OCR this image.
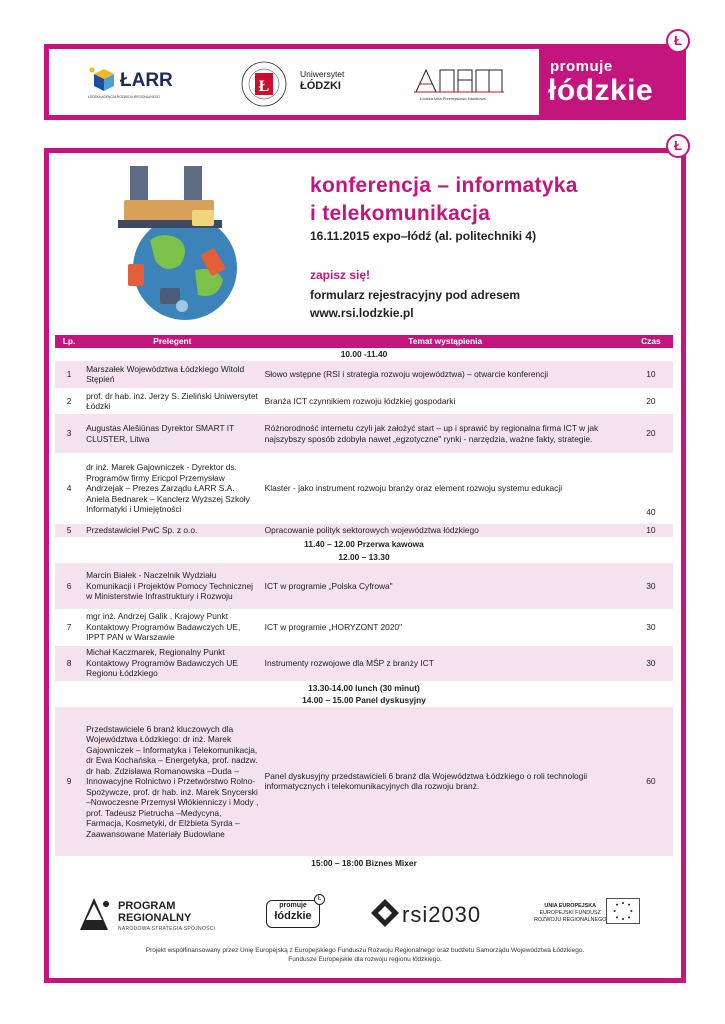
ŁARR
ŁÓDZKA AGENCJA ROZWOJU REGIONALNEGO
Ł
Uniwersytet
ŁÓDZKI
Łódzka Izba Przemysłowo-Handlowa
promuje
łódzkie
Ł
Ł
konferencja – informatyka
i telekomunikacja
16.11.2015 expo–łódź (al. politechniki 4)
zapisz się!
formularz rejestracyjny pod adresem
www.rsi.lodzkie.pl
Lp.	Prelegent	Temat wystąpienia	Czas
10.00 -11.40			
1	Marszałek Województwa Łódzkiego Witold Stępień	Słowo wstępne (RSI i strategia rozwoju województwa) – otwarcie konferencji	10
2	prof. dr hab. inż. Jerzy S. Zieliński Uniwersytet Łódzki	Branża ICT czynnikiem rozwoju łódzkiej gospodarki	20
3	Augustas Alešiūnas Dyrektor SMART IT CLUSTER, Litwa	Różnorodność internetu czyli jak założyć start – up i sprawić by regionalna firma ICT w jak najszybszy sposób zdobyła nawet „egzotyczne" rynki - narzędzia, ważne fakty, strategie.	20
4	dr inż. Marek Gajowniczek - Dyrektor ds. Programów firmy Ericpol Przemysław Andrzejak – Prezes Zarządu ŁARR S.A. Aniela Bednarek – Kanclerz Wyższej Szkoły Informatyki i Umiejętności	Klaster - jako instrument rozwoju branży oraz element rozwoju systemu edukacji	40
5	Przedstawiciel PwC Sp. z o.o.	Opracowanie polityk sektorowych województwa łódzkiego	10
11.40 – 12.00 Przerwa kawowa			
12.00 – 13.30			
6	Marcin Białek - Naczelnik Wydziału Komunikacji i Projektów Pomocy Technicznej w Ministerstwie Infrastruktury i Rozwoju	ICT w programie „Polska Cyfrowa"	30
7	mgr inż. Andrzej Galik , Krajowy Punkt Kontaktowy Programów Badawczych UE, IPPT PAN w Warszawie	ICT w programie „HORYZONT 2020"	30
8	Michał Kaczmarek, Regionalny Punkt Kontaktowy Programów Badawczych UE Regionu Łódzkiego	Instrumenty rozwojowe dla MŚP z branży ICT	30
13.30-14.00 lunch (30 minut)			
14.00 – 15.00 Panel dyskusyjny			
9	Przedstawiciele 6 branż kluczowych dla Województwa Łódzkiego: dr inż. Marek Gajowniczek – Informatyka i Telekomunikacja, dr Ewa Kochańska – Energetyka, prof. nadzw. dr hab. Zdzisława Romanowska –Duda – Innowacyjne Rolnictwo i Przetwórstwo Rolno-Spożywcze, prof. dr hab. inż. Marek Snycerski –Nowoczesne Przemysł Włókienniczy i Mody , prof. Tadeusz Pietrucha –Medycyna, Farmacja, Kosmetyki, dr Elżbieta Syrda – Zaawansowane Materiały Budowlane	Panel dyskusyjny przedstawicieli 6 branż dla Województwa Łódzkiego o roli technologii informatycznych i telekomunikacyjnych dla rozwoju branż.	60
15:00 – 18:00 Biznes Mixer			
PROGRAM
REGIONALNY
NARODOWA STRATEGIA SPÓJNOŚCI
promuje
łódzkie
Ł
rsi2030	UNIA EUROPEJSKA
EUROPEJSKI FUNDUSZ
ROZWOJU REGIONALNEGO
Projekt współfinansowany przez Unię Europejską z Europejskiego Funduszu Rozwoju Regionalnego oraz budżetu Samorządu Województwa Łódzkiego.
Fundusze Europejskie dla rozwoju regionu łódzkiego.
